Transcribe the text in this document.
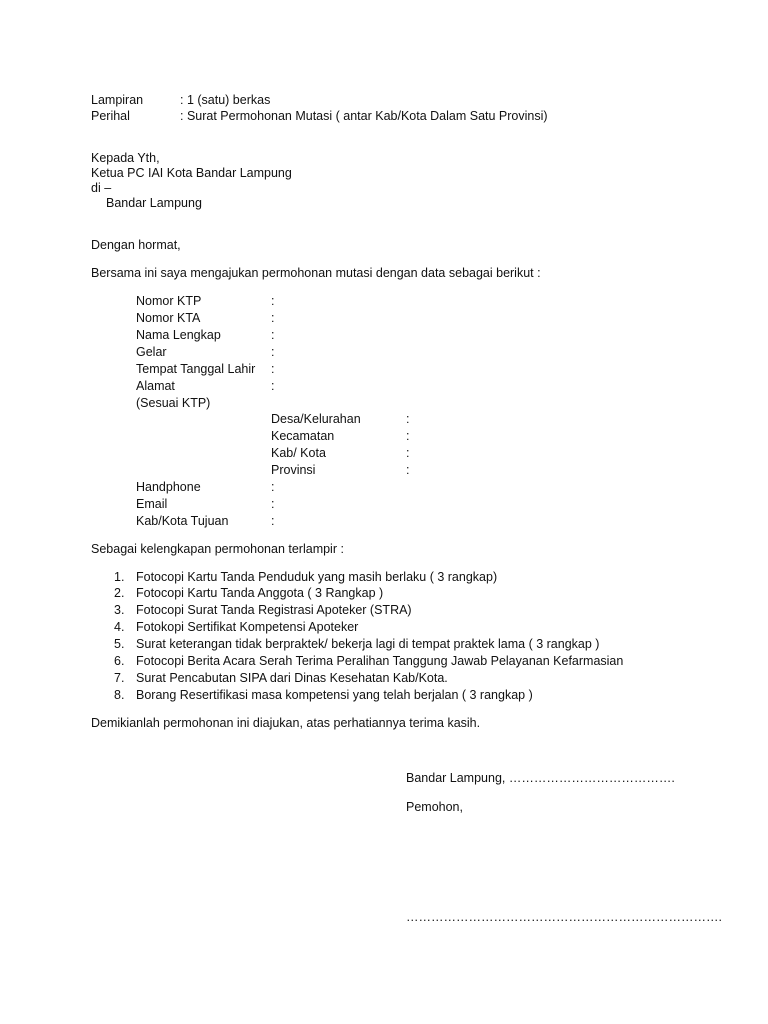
Lampiran	: 1 (satu) berkas
Perihal	: Surat Permohonan Mutasi ( antar Kab/Kota Dalam Satu Provinsi)
Kepada Yth,
Ketua PC IAI Kota Bandar Lampung
di –
Bandar Lampung
Dengan hormat,
Bersama ini saya mengajukan permohonan mutasi dengan data sebagai berikut :
Nomor KTP	:
Nomor KTA	:
Nama Lengkap	:
Gelar	:
Tempat Tanggal Lahir :
Alamat	:
(Sesuai KTP)
Desa/Kelurahan	:
Kecamatan	:
Kab/ Kota	:
Provinsi	:
Handphone	:
Email	:
Kab/Kota Tujuan	:
Sebagai kelengkapan permohonan terlampir :
1. Fotocopi Kartu Tanda Penduduk yang masih berlaku ( 3 rangkap)
2. Fotocopi Kartu Tanda Anggota ( 3 Rangkap )
3. Fotocopi Surat Tanda Registrasi Apoteker (STRA)
4. Fotokopi Sertifikat Kompetensi Apoteker
5. Surat keterangan tidak berpraktek/ bekerja lagi di tempat praktek lama ( 3 rangkap )
6. Fotocopi Berita Acara Serah Terima Peralihan Tanggung Jawab Pelayanan Kefarmasian
7. Surat Pencabutan SIPA dari Dinas Kesehatan Kab/Kota.
8. Borang Resertifikasi masa kompetensi yang telah berjalan ( 3 rangkap )
Demikianlah permohonan ini diajukan, atas perhatiannya terima kasih.
Bandar Lampung, ………………………………….
Pemohon,
………………………………………………………………….
